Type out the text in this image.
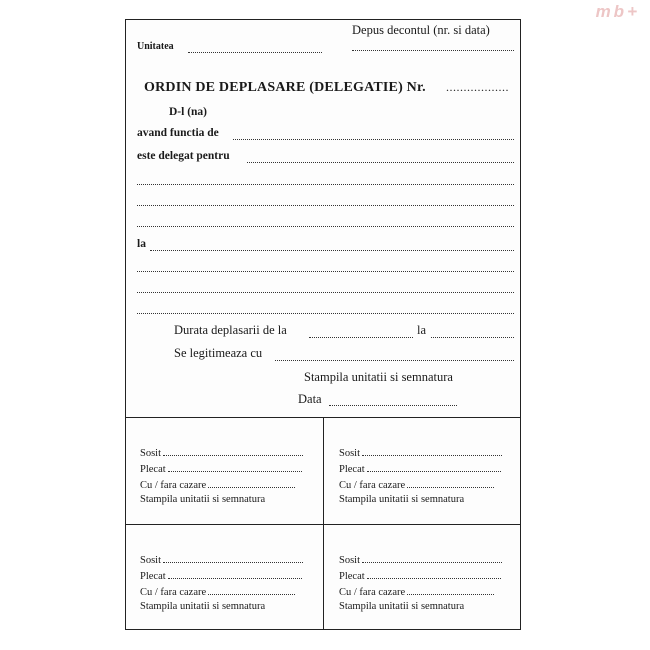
mb+
Depus decontul (nr. si data)
Unitatea
ORDIN DE DEPLASARE (DELEGATIE) Nr. ..................
D-l (na)
avand functia de
este delegat pentru
la
Durata deplasarii de la	la
Se legitimeaza cu
Stampila unitatii si semnatura
Data
Sosit
Plecat
Cu / fara cazare
Stampila unitatii si semnatura
Sosit
Plecat
Cu / fara cazare
Stampila unitatii si semnatura
Sosit
Plecat
Cu / fara cazare
Stampila unitatii si semnatura
Sosit
Plecat
Cu / fara cazare
Stampila unitatii si semnatura
